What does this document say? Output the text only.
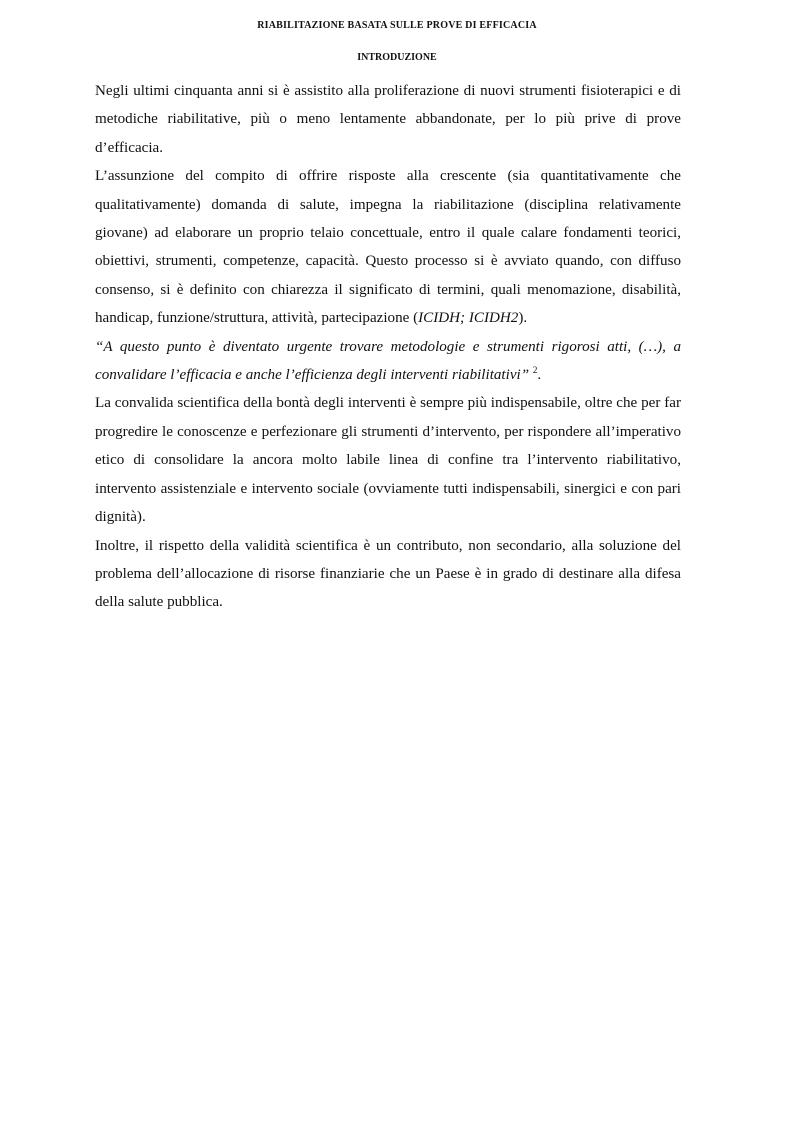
RIABILITAZIONE BASATA SULLE PROVE DI EFFICACIA
INTRODUZIONE

Negli ultimi cinquanta anni si è assistito alla proliferazione di nuovi strumenti fisioterapici e di metodiche riabilitative, più o meno lentamente abbandonate, per lo più prive di prove d’efficacia.

L’assunzione del compito di offrire risposte alla crescente (sia quantitativamente che qualitativamente) domanda di salute, impegna la riabilitazione (disciplina relativamente giovane) ad elaborare un proprio telaio concettuale, entro il quale calare fondamenti teorici, obiettivi, strumenti, competenze, capacità. Questo processo si è avviato quando, con diffuso consenso, si è definito con chiarezza il significato di termini, quali menomazione, disabilità, handicap, funzione/struttura, attività, partecipazione (ICIDH; ICIDH2).

“A questo punto è diventato urgente trovare metodologie e strumenti rigorosi atti, (…), a convalidare l’efficacia e anche l’efficienza degli interventi riabilitativi” $^2$.

La convalida scientifica della bontà degli interventi è sempre più indispensabile, oltre che per far progredire le conoscenze e perfezionare gli strumenti d’intervento, per rispondere all’imperativo etico di consolidare la ancora molto labile linea di confine tra l’intervento riabilitativo, intervento assistenziale e intervento sociale (ovviamente tutti indispensabili, sinergici e con pari dignità).

Inoltre, il rispetto della validità scientifica è un contributo, non secondario, alla soluzione del problema dell’allocazione di risorse finanziarie che un Paese è in grado di destinare alla difesa della salute pubblica.
